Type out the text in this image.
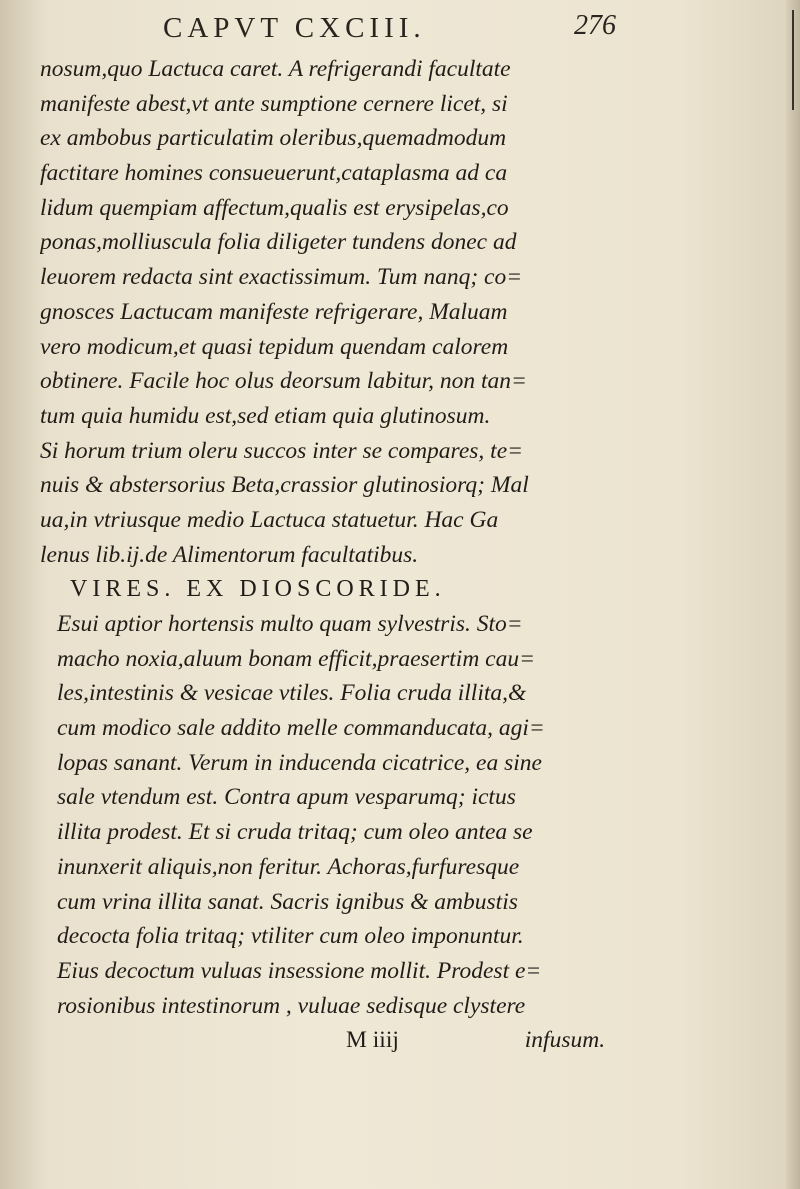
CAPVT CXCIII.	276
nosum,quo Lactuca caret. A refrigerandi facultate
manifeste abest,vt ante sumptione cernere licet, si
ex ambobus particulatim oleribus,quemadmodum
factitare homines consueuerunt,cataplasma ad ca
lidum quempiam affectum,qualis est erysipelas,co
ponas,molliuscula folia diligeter tundens donec ad
leuorem redacta sint exactissimum. Tum nanq; co=
gnosces Lactucam manifeste refrigerare, Maluam
vero modicum,et quasi tepidum quendam calorem
obtinere. Facile hoc olus deorsum labitur, non tan=
tum quia humidu est,sed etiam quia glutinosum.
Si horum trium oleru succos inter se compares, te=
nuis & abstersorius Beta,crassior glutinosiorq; Mal
ua,in vtriusque medio Lactuca statuetur. Hac Ga
lenus lib.ij.de Alimentorum facultatibus.
VIRES. EX DIOSCORIDE.
Esui aptior hortensis multo quam sylvestris. Sto=
macho noxia,aluum bonam efficit,praesertim cau=
les,intestinis & vesicae vtiles. Folia cruda illita,&
cum modico sale addito melle commanducata, agi=
lopas sanant. Verum in inducenda cicatrice, ea sine
sale vtendum est. Contra apum vesparumq; ictus
illita prodest. Et si cruda tritaq; cum oleo antea se
inunxerit aliquis,non feritur. Achoras,furfuresque
cum vrina illita sanat. Sacris ignibus & ambustis
decocta folia tritaq; vtiliter cum oleo imponuntur.
Eius decoctum vuluas insessione mollit. Prodest e=
rosionibus intestinorum , vuluae sedisque clystere
M iiij	infusum.
